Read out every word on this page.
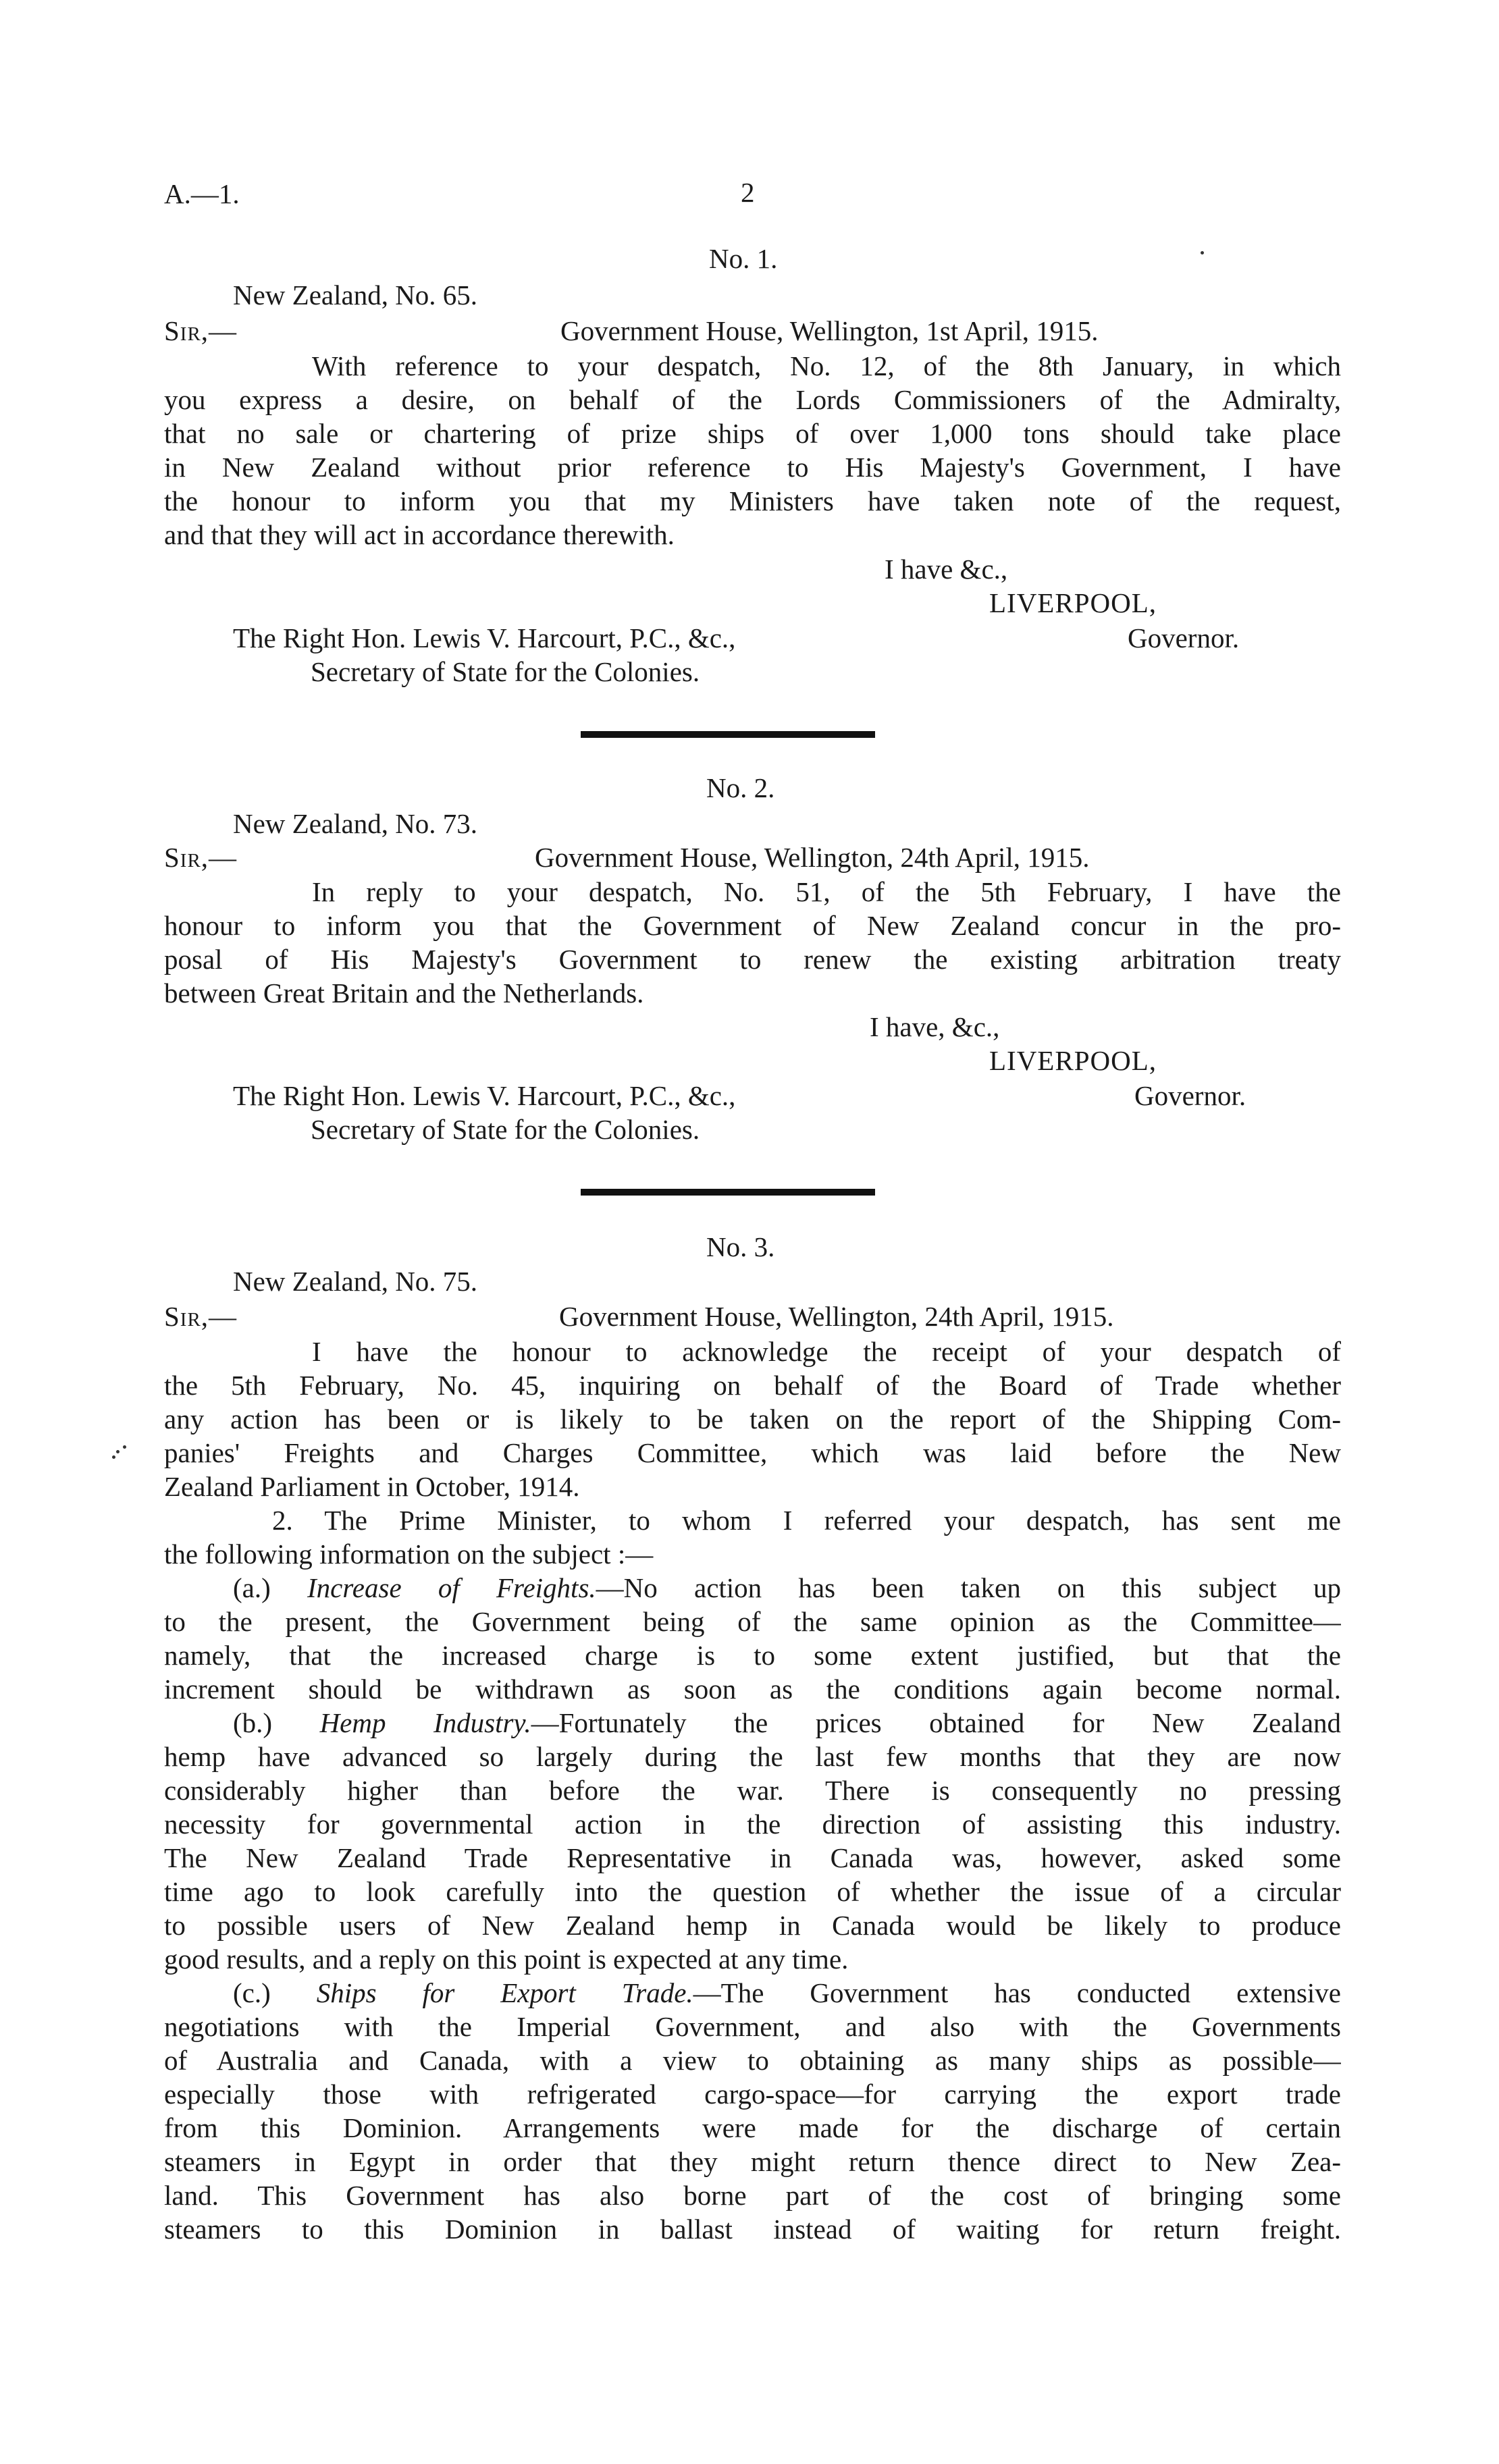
A.—1.	2
No. 1.
New Zealand, No. 65.
Sir,—	Government House, Wellington, 1st April, 1915.
With reference to your despatch, No. 12, of the 8th January, in which
you express a desire, on behalf of the Lords Commissioners of the Admiralty,
that no sale or chartering of prize ships of over 1,000 tons should take place
in New Zealand without prior reference to His Majesty's Government, I have
the honour to inform you that my Ministers have taken note of the request,
and that they will act in accordance therewith.
I have &c.,
LIVERPOOL,
The Right Hon. Lewis V. Harcourt, P.C., &c.,	Governor.
Secretary of State for the Colonies.
No. 2.
New Zealand, No. 73.
Sir,—	Government House, Wellington, 24th April, 1915.
In reply to your despatch, No. 51, of the 5th February, I have the
honour to inform you that the Government of New Zealand concur in the pro-
posal of His Majesty's Government to renew the existing arbitration treaty
between Great Britain and the Netherlands.
I have, &c.,
LIVERPOOL,
The Right Hon. Lewis V. Harcourt, P.C., &c.,	Governor.
Secretary of State for the Colonies.
No. 3.
New Zealand, No. 75.
Sir,—	Government House, Wellington, 24th April, 1915.
I have the honour to acknowledge the receipt of your despatch of
the 5th February, No. 45, inquiring on behalf of the Board of Trade whether
any action has been or is likely to be taken on the report of the Shipping Com-
panies' Freights and Charges Committee, which was laid before the New
Zealand Parliament in October, 1914.
2. The Prime Minister, to whom I referred your despatch, has sent me
the following information on the subject :—
(a.) Increase of Freights.—No action has been taken on this subject up
to the present, the Government being of the same opinion as the Committee—
namely, that the increased charge is to some extent justified, but that the
increment should be withdrawn as soon as the conditions again become normal.
(b.) Hemp Industry.—Fortunately the prices obtained for New Zealand
hemp have advanced so largely during the last few months that they are now
considerably higher than before the war. There is consequently no pressing
necessity for governmental action in the direction of assisting this industry.
The New Zealand Trade Representative in Canada was, however, asked some
time ago to look carefully into the question of whether the issue of a circular
to possible users of New Zealand hemp in Canada would be likely to produce
good results, and a reply on this point is expected at any time.
(c.) Ships for Export Trade.—The Government has conducted extensive
negotiations with the Imperial Government, and also with the Governments
of Australia and Canada, with a view to obtaining as many ships as possible—
especially those with refrigerated cargo-space—for carrying the export trade
from this Dominion. Arrangements were made for the discharge of certain
steamers in Egypt in order that they might return thence direct to New Zea-
land. This Government has also borne part of the cost of bringing some
steamers to this Dominion in ballast instead of waiting for return freight.
